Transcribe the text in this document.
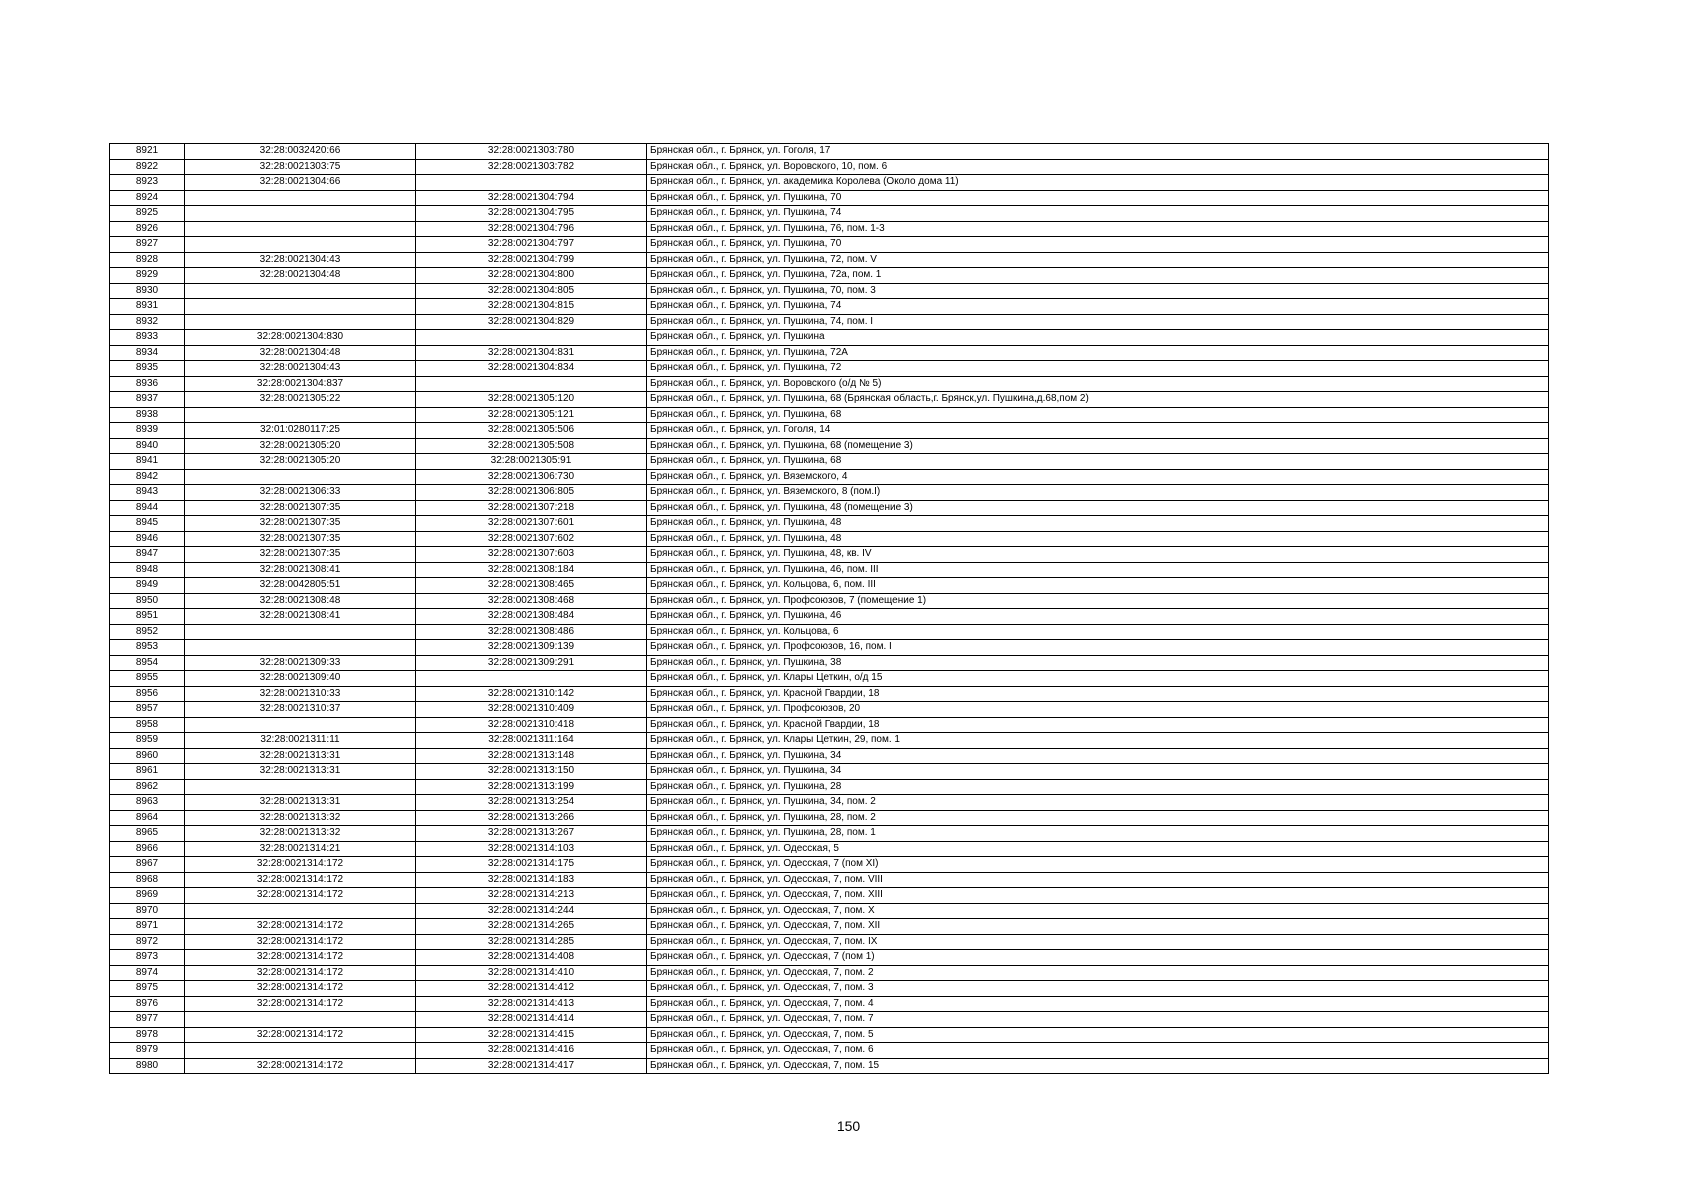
8921	32:28:0032420:66	32:28:0021303:780	Брянская обл., г. Брянск, ул. Гоголя, 17
8922	32:28:0021303:75	32:28:0021303:782	Брянская обл., г. Брянск, ул. Воровского, 10, пом. 6
8923	32:28:0021304:66		Брянская обл., г. Брянск, ул. академика Королева (Около дома 11)
8924		32:28:0021304:794	Брянская обл., г. Брянск, ул. Пушкина, 70
8925		32:28:0021304:795	Брянская обл., г. Брянск, ул. Пушкина, 74
8926		32:28:0021304:796	Брянская обл., г. Брянск, ул. Пушкина, 76, пом. 1-3
8927		32:28:0021304:797	Брянская обл., г. Брянск, ул. Пушкина, 70
8928	32:28:0021304:43	32:28:0021304:799	Брянская обл., г. Брянск, ул. Пушкина, 72, пом. V
8929	32:28:0021304:48	32:28:0021304:800	Брянская обл., г. Брянск, ул. Пушкина, 72а, пом. 1
8930		32:28:0021304:805	Брянская обл., г. Брянск, ул. Пушкина, 70, пом. 3
8931		32:28:0021304:815	Брянская обл., г. Брянск, ул. Пушкина, 74
8932		32:28:0021304:829	Брянская обл., г. Брянск, ул. Пушкина, 74, пом. I
8933	32:28:0021304:830		Брянская обл., г. Брянск, ул. Пушкина
8934	32:28:0021304:48	32:28:0021304:831	Брянская обл., г. Брянск, ул. Пушкина, 72А
8935	32:28:0021304:43	32:28:0021304:834	Брянская обл., г. Брянск, ул. Пушкина, 72
8936	32:28:0021304:837		Брянская обл., г. Брянск, ул. Воровского (о/д № 5)
8937	32:28:0021305:22	32:28:0021305:120	Брянская обл., г. Брянск, ул. Пушкина, 68 (Брянская область,г. Брянск,ул. Пушкина,д.68,пом 2)
8938		32:28:0021305:121	Брянская обл., г. Брянск, ул. Пушкина, 68
8939	32:01:0280117:25	32:28:0021305:506	Брянская обл., г. Брянск, ул. Гоголя, 14
8940	32:28:0021305:20	32:28:0021305:508	Брянская обл., г. Брянск, ул. Пушкина, 68 (помещение 3)
8941	32:28:0021305:20	32:28:0021305:91	Брянская обл., г. Брянск, ул. Пушкина, 68
8942		32:28:0021306:730	Брянская обл., г. Брянск, ул. Вяземского, 4
8943	32:28:0021306:33	32:28:0021306:805	Брянская обл., г. Брянск, ул. Вяземского, 8 (пом.I)
8944	32:28:0021307:35	32:28:0021307:218	Брянская обл., г. Брянск, ул. Пушкина, 48 (помещение 3)
8945	32:28:0021307:35	32:28:0021307:601	Брянская обл., г. Брянск, ул. Пушкина, 48
8946	32:28:0021307:35	32:28:0021307:602	Брянская обл., г. Брянск, ул. Пушкина, 48
8947	32:28:0021307:35	32:28:0021307:603	Брянская обл., г. Брянск, ул. Пушкина, 48, кв. IV
8948	32:28:0021308:41	32:28:0021308:184	Брянская обл., г. Брянск, ул. Пушкина, 46, пом. III
8949	32:28:0042805:51	32:28:0021308:465	Брянская обл., г. Брянск, ул. Кольцова, 6, пом. III
8950	32:28:0021308:48	32:28:0021308:468	Брянская обл., г. Брянск, ул. Профсоюзов, 7 (помещение 1)
8951	32:28:0021308:41	32:28:0021308:484	Брянская обл., г. Брянск, ул. Пушкина, 46
8952		32:28:0021308:486	Брянская обл., г. Брянск, ул. Кольцова, 6
8953		32:28:0021309:139	Брянская обл., г. Брянск, ул. Профсоюзов, 16, пом. I
8954	32:28:0021309:33	32:28:0021309:291	Брянская обл., г. Брянск, ул. Пушкина, 38
8955	32:28:0021309:40		Брянская обл., г. Брянск, ул. Клары Цеткин, о/д 15
8956	32:28:0021310:33	32:28:0021310:142	Брянская обл., г. Брянск, ул. Красной Гвардии, 18
8957	32:28:0021310:37	32:28:0021310:409	Брянская обл., г. Брянск, ул. Профсоюзов, 20
8958		32:28:0021310:418	Брянская обл., г. Брянск, ул. Красной Гвардии, 18
8959	32:28:0021311:11	32:28:0021311:164	Брянская обл., г. Брянск, ул. Клары Цеткин, 29, пом. 1
8960	32:28:0021313:31	32:28:0021313:148	Брянская обл., г. Брянск, ул. Пушкина, 34
8961	32:28:0021313:31	32:28:0021313:150	Брянская обл., г. Брянск, ул. Пушкина, 34
8962		32:28:0021313:199	Брянская обл., г. Брянск, ул. Пушкина, 28
8963	32:28:0021313:31	32:28:0021313:254	Брянская обл., г. Брянск, ул. Пушкина, 34, пом. 2
8964	32:28:0021313:32	32:28:0021313:266	Брянская обл., г. Брянск, ул. Пушкина, 28, пом. 2
8965	32:28:0021313:32	32:28:0021313:267	Брянская обл., г. Брянск, ул. Пушкина, 28, пом. 1
8966	32:28:0021314:21	32:28:0021314:103	Брянская обл., г. Брянск, ул. Одесская, 5
8967	32:28:0021314:172	32:28:0021314:175	Брянская обл., г. Брянск, ул. Одесская, 7 (пом XI)
8968	32:28:0021314:172	32:28:0021314:183	Брянская обл., г. Брянск, ул. Одесская, 7, пом. VIII
8969	32:28:0021314:172	32:28:0021314:213	Брянская обл., г. Брянск, ул. Одесская, 7, пом. XIII
8970		32:28:0021314:244	Брянская обл., г. Брянск, ул. Одесская, 7, пом. X
8971	32:28:0021314:172	32:28:0021314:265	Брянская обл., г. Брянск, ул. Одесская, 7, пом. XII
8972	32:28:0021314:172	32:28:0021314:285	Брянская обл., г. Брянск, ул. Одесская, 7, пом. IX
8973	32:28:0021314:172	32:28:0021314:408	Брянская обл., г. Брянск, ул. Одесская, 7 (пом 1)
8974	32:28:0021314:172	32:28:0021314:410	Брянская обл., г. Брянск, ул. Одесская, 7, пом. 2
8975	32:28:0021314:172	32:28:0021314:412	Брянская обл., г. Брянск, ул. Одесская, 7, пом. 3
8976	32:28:0021314:172	32:28:0021314:413	Брянская обл., г. Брянск, ул. Одесская, 7, пом. 4
8977		32:28:0021314:414	Брянская обл., г. Брянск, ул. Одесская, 7, пом. 7
8978	32:28:0021314:172	32:28:0021314:415	Брянская обл., г. Брянск, ул. Одесская, 7, пом. 5
8979		32:28:0021314:416	Брянская обл., г. Брянск, ул. Одесская, 7, пом. 6
8980	32:28:0021314:172	32:28:0021314:417	Брянская обл., г. Брянск, ул. Одесская, 7, пом. 15
150
